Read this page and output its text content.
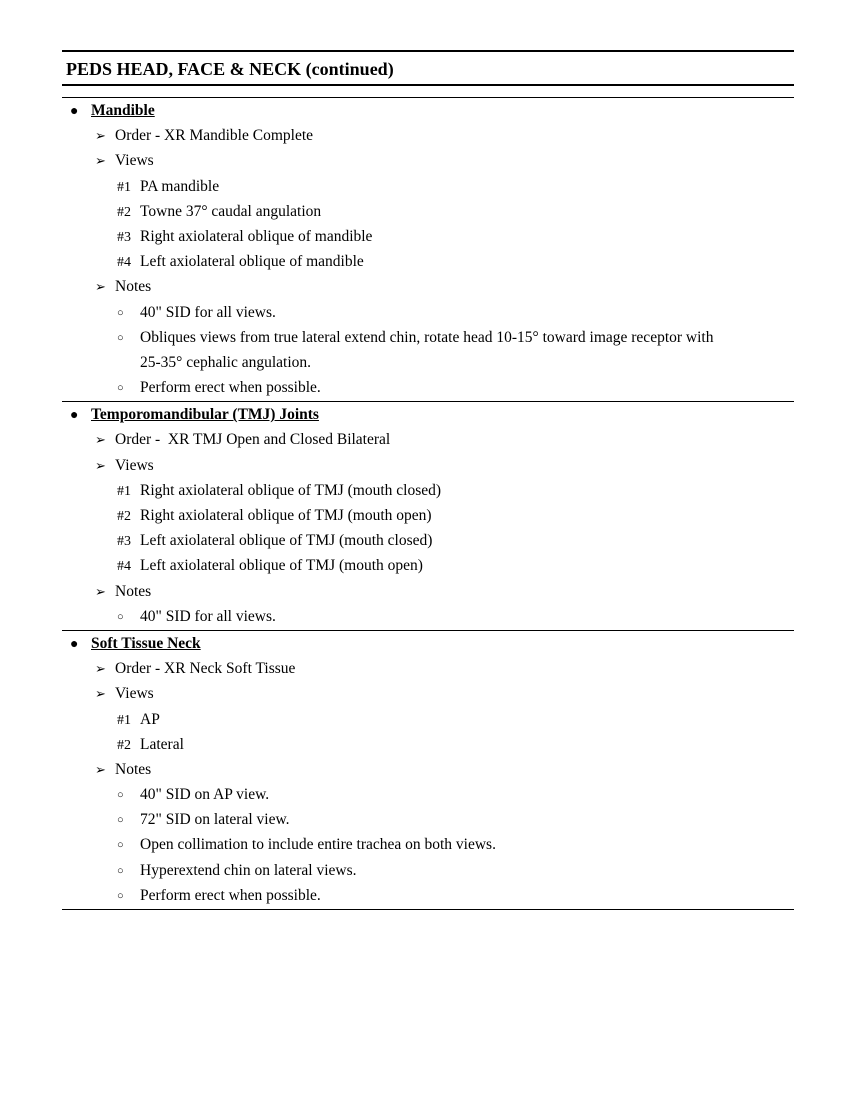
PEDS HEAD, FACE & NECK (continued)
● Mandible
➢ Order - XR Mandible Complete
➢ Views
#1 PA mandible
#2 Towne 37° caudal angulation
#3 Right axiolateral oblique of mandible
#4 Left axiolateral oblique of mandible
➢ Notes
○ 40" SID for all views.
○ Obliques views from true lateral extend chin, rotate head 10-15° toward image receptor with
25-35° cephalic angulation.
○ Perform erect when possible.
● Temporomandibular (TMJ) Joints
➢ Order -  XR TMJ Open and Closed Bilateral
➢ Views
#1 Right axiolateral oblique of TMJ (mouth closed)
#2 Right axiolateral oblique of TMJ (mouth open)
#3 Left axiolateral oblique of TMJ (mouth closed)
#4 Left axiolateral oblique of TMJ (mouth open)
➢ Notes
○ 40" SID for all views.
● Soft Tissue Neck
➢ Order - XR Neck Soft Tissue
➢ Views
#1 AP
#2 Lateral
➢ Notes
○ 40" SID on AP view.
○ 72" SID on lateral view.
○ Open collimation to include entire trachea on both views.
○ Hyperextend chin on lateral views.
○ Perform erect when possible.
